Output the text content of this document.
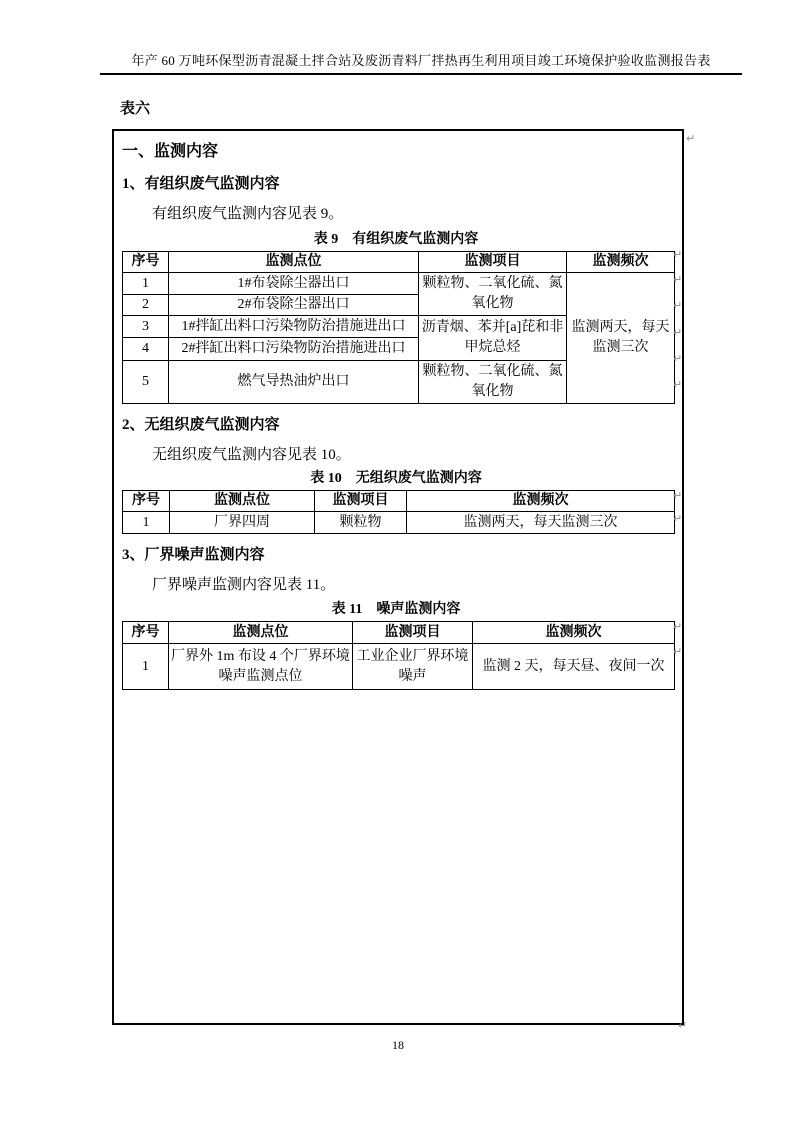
年产 60 万吨环保型沥青混凝土拌合站及废沥青料厂拌热再生利用项目竣工环境保护验收监测报告表
表六
一、监测内容
1、有组织废气监测内容
有组织废气监测内容见表 9。
表 9　有组织废气监测内容
序号	监测点位	监测项目	监测频次
1	1#布袋除尘器出口	颗粒物、二氧化硫、氮氧化物	监测两天，每天监测三次
2	2#布袋除尘器出口		
3	1#拌缸出料口污染物防治措施进出口	沥青烟、苯并[a]芘和非甲烷总烃	
4	2#拌缸出料口污染物防治措施进出口		
5	燃气导热油炉出口	颗粒物、二氧化硫、氮氧化物	
2、无组织废气监测内容
无组织废气监测内容见表 10。
表 10　无组织废气监测内容
序号	监测点位	监测项目	监测频次
1	厂界四周	颗粒物	监测两天，每天监测三次
3、厂界噪声监测内容
厂界噪声监测内容见表 11。
表 11　噪声监测内容
序号	监测点位	监测项目	监测频次
1	厂界外 1m 布设 4 个厂界环境噪声监测点位	工业企业厂界环境噪声	监测 2 天，每天昼、夜间一次
↵
↵
↵
↵
↵
↵
↵
↵
↵
↵
↵
↵
18
